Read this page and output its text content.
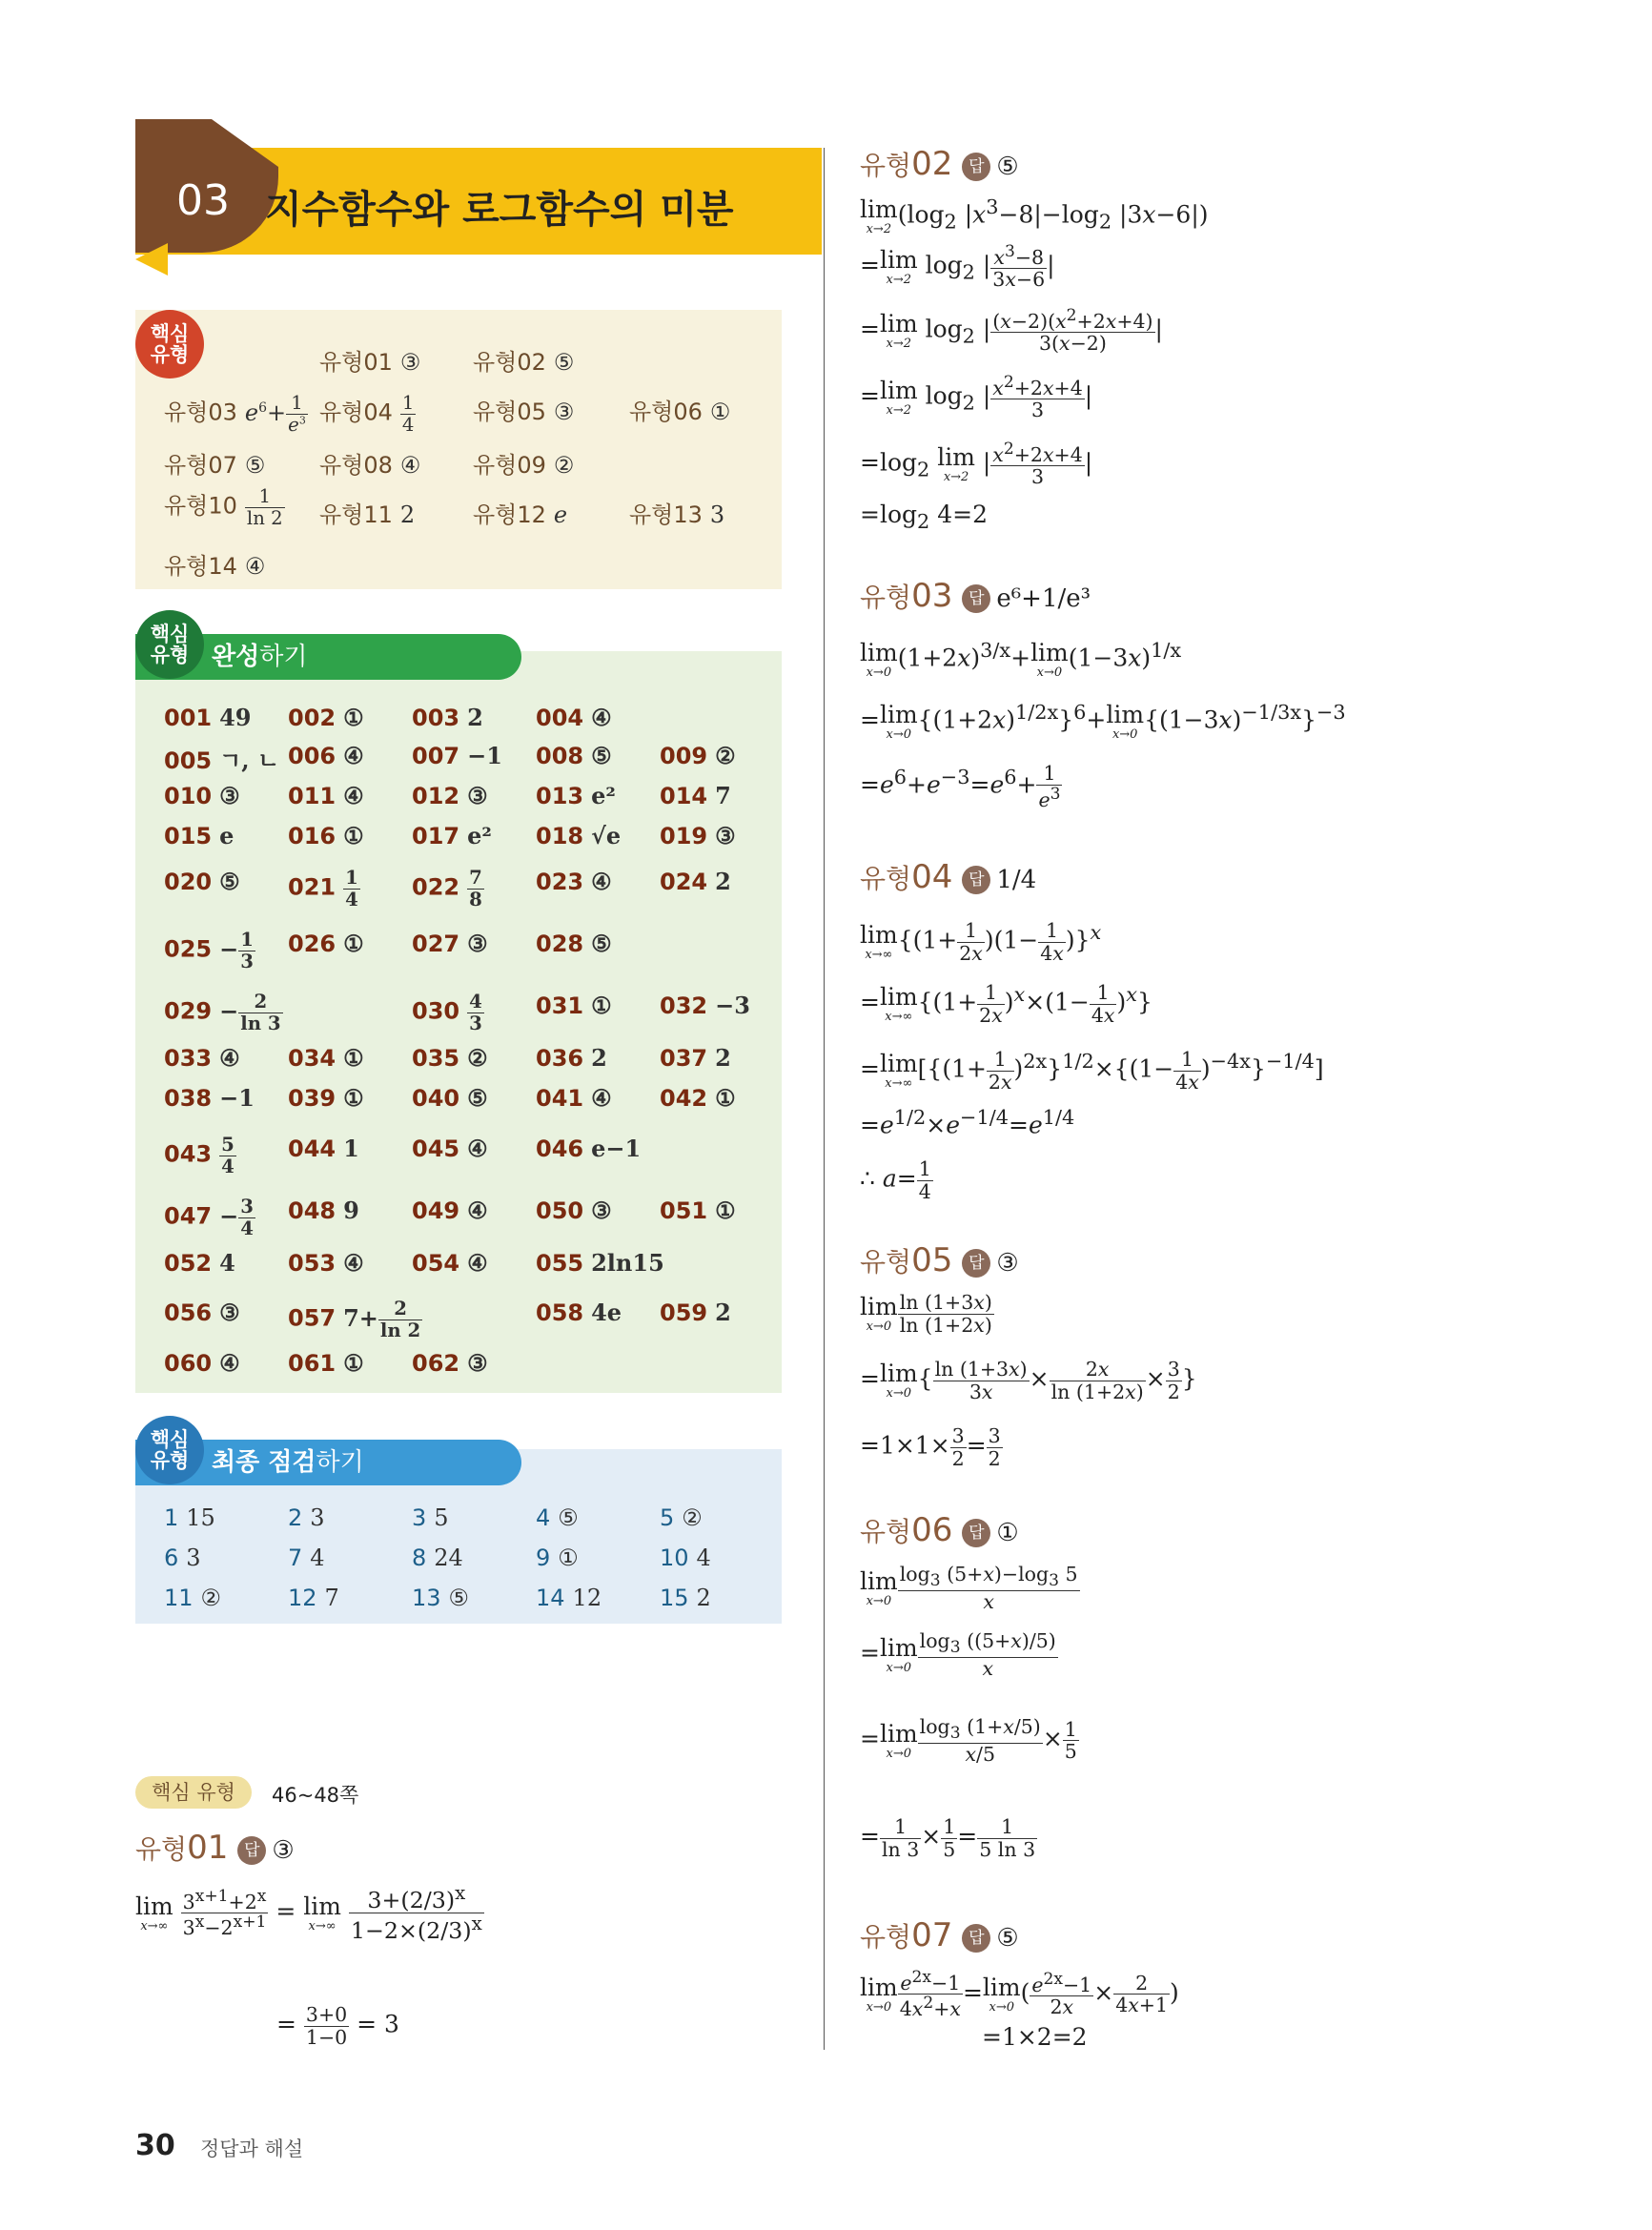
03 지수함수와 로그함수의 미분
핵심
유형	유형01 ③ 유형02 ⑤
유형03 $e^6+ \frac{1}{e^3}$ 유형$04 \frac{1}{4}$ 유형05 ③ 유형06 ①
유형07 ⑤ 유형08 ④ 유형09 ②
유형$10 \frac{1}{\ln 2}$ 유형11 2	유형12 e	유형13 3
유형14 ④
완성하기
핵심
유형
001 49 002 ① 003 2 004 ④
005 ㄱ, ㄴ 006 ④ 007 −1 008 ⑤ 009 ②
010 ③ 011 ④ 012 ③ 013 e² 014 7
015 e 016 ① 017 e² 018 √e 019 ③
020 ⑤ $021 \frac{1}{4} 022 \frac{7}{8} 023$ ④ 024 2
$025 - \frac{1}{3} 026$ ① 027 ③ 028 ⑤
$029 - \frac{2}{\ln 3}$	$030 \frac{4}{3} 031$ ① 032 −3
033 ④ 034 ① 035 ② 036 2 037 2
038 −1 039 ① 040 ⑤ 041 ④ 042 ①
$043 \frac{5}{4} 044$ 1 045 ④ 046 e−1
$047 - \frac{3}{4} 048$ 9 049 ④ 050 ③ 051 ①
052 4 053 ④ 054 ④ 055 2ln15
056 ③ 057 $7+ \frac{2}{\ln 2}$	058 4e 059 2
060 ④ 061 ① 062 ③
최종 점검하기
핵심
유형
1 15	2 3	3 5	4 ⑤	5 ②
6 3	7 4	8 24	9 ①	10 4
11 ②	12 7	13 ⑤	14 12	15 2
핵심 유형	46~48쪽
유형01 답 ③
lim
x→∞
$\frac{3^{x+1}+2^x}{3^x-2^{x+1}} = \lim$
x→∞
$\frac{3+(2/3)^x}{1-2\times(2/3)^x}$
= $\frac{3+0}{1-0} = 3$
유형02 답 ⑤
lim
x→2
($\log_2$ $|x^3-8|-\log_2$ |3x−6|)
=lim
x→2
$\log_2$ | $\frac{x^3-8}{3x-6}$ |
=lim
x→2
$\log_2$ | $\frac{(x-2)(x^2+2x+4)}{3(x-2)}$ |
=lim
x→2
$\log_2$ | $\frac{x^2+2x+4}{3}$ |
$=\log_2$ lim
x→2
| $\frac{x^2+2x+4}{3}$ |
$=\log_2$ 4=2
유형03 답 e⁶+1/e³
lim
x→0
$(1+2x)^{3/x}+\lim$
x→0
$(1-3x)^{1/x}$
=lim
x→0
$\{(1+2x)^{1/2x}\}^6+\lim$
x→0
$\{(1-3x)^{-1/3x}\}^{-3}$
$=e^6+e^{-3}=e^6+ \frac{1}{e^3}$
유형04 답 1/4
lim
x→∞
$\{(1+ \frac{1}{2x} )(1- \frac{1}{4x} )\}^x$
=lim
x→∞
$\{(1+ \frac{1}{2x} )^x\times(1- \frac{1}{4x} )^x\}$
=lim
x→∞
$[\{(1+ \frac{1}{2x} )^{2x}\}^{1/2}\times\{(1- \frac{1}{4x} )^{-4x}\}^{-1/4}]$
$=e^{1/2}\times e^{-1/4}=e^{1/4}$
∴ $a= \frac{1}{4}$
유형05 답 ③
lim
$x\to 0 \frac{\ln (1+3x)}{\ln (1+2x)}$
=lim
x→0
{ $\frac{\ln (1+3x)}{3x} \times \frac{2x}{\ln (1+2x)} \times \frac{3}{2}$ }
$=1\times 1\times \frac{3}{2} = \frac{3}{2}$
유형06 답 ①
lim
$x\to 0 \frac{\log_3 (5+x)-\log_3 5}{x}$
=lim
$x\to 0 \frac{\log_3 ((5+x)/5)}{x}$
=lim
$x\to 0 \frac{\log_3 (1+x/5)}{x/5} \times \frac{1}{5}$
= $\frac{1}{\ln 3} \times \frac{1}{5} = \frac{1}{5 \ln 3}$
유형07 답 ⑤
lim
$x\to 0 \frac{e^{2x}-1}{4x^2+x} =\lim$
x→0
( $\frac{e^{2x}-1}{2x} \times \frac{2}{4x+1}$ )
=1×2=2
30 정답과 해설
